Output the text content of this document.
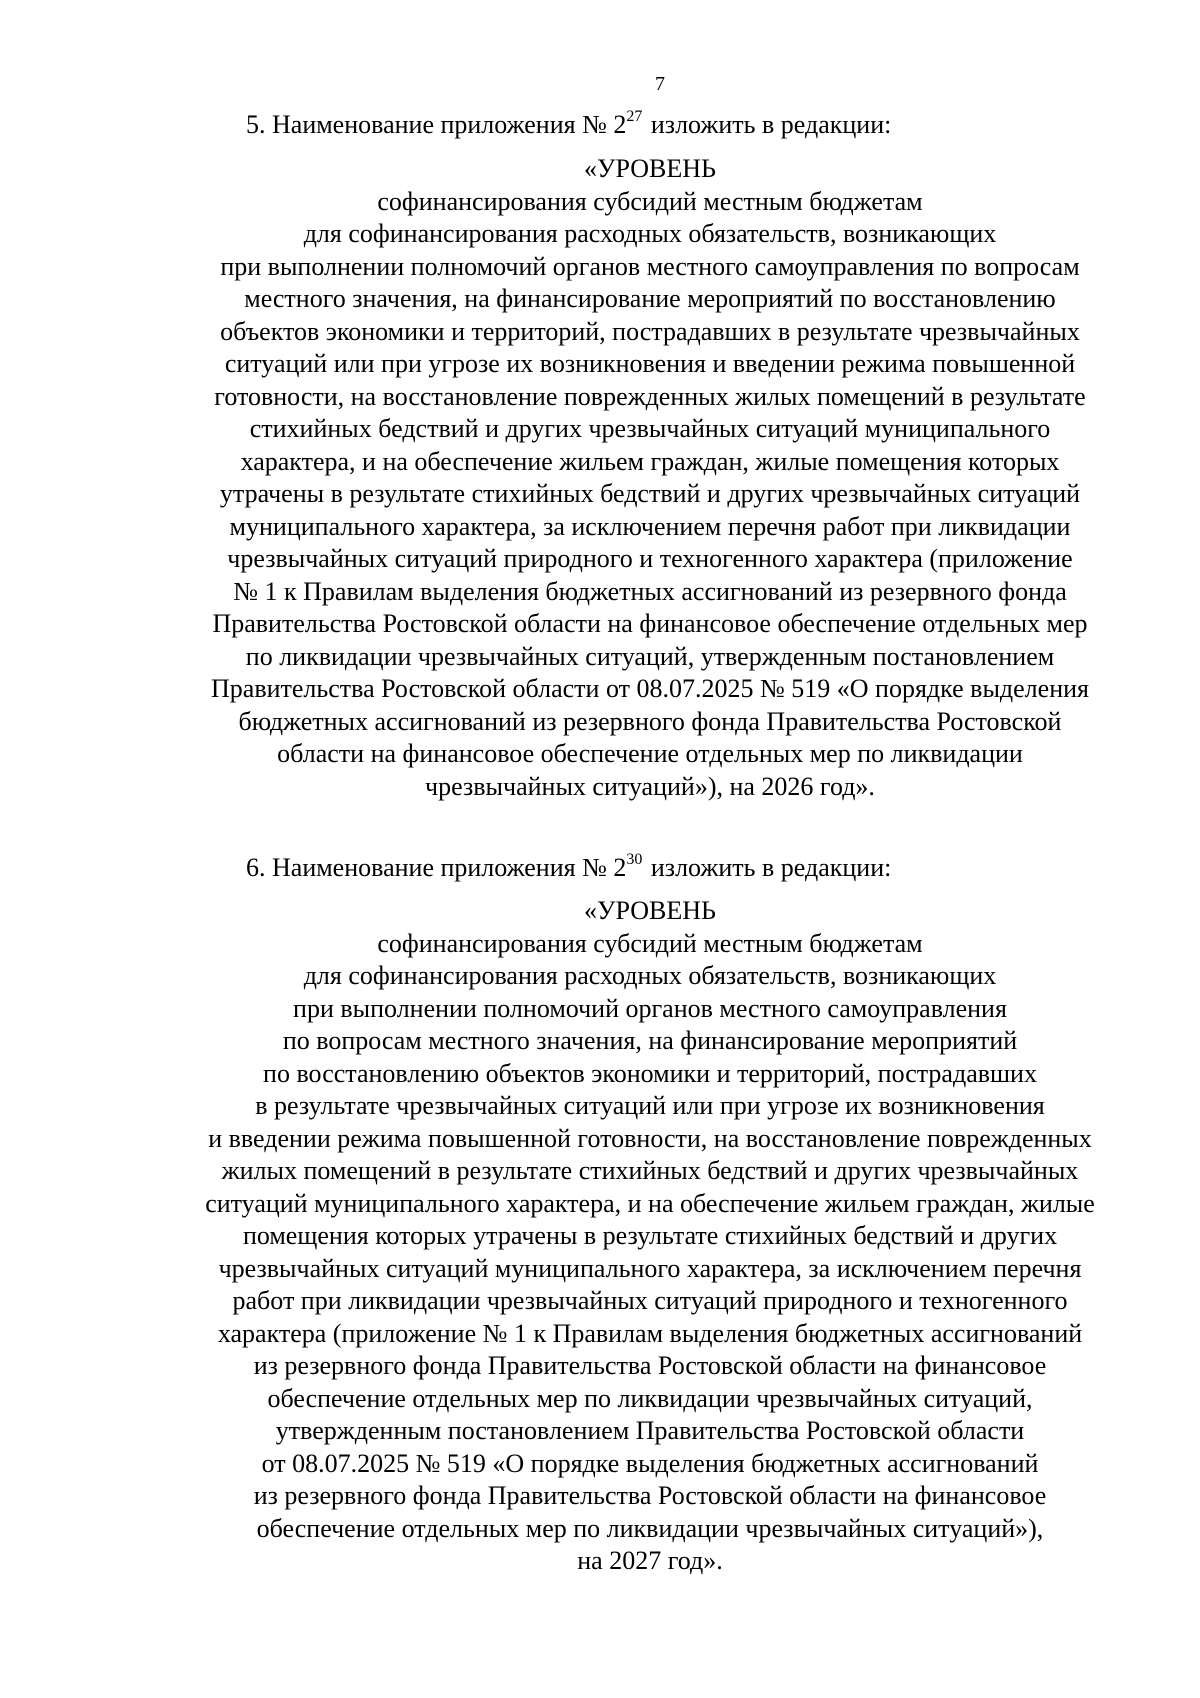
7
5. Наименование приложения № $2^{27}$ изложить в редакции:
«УРОВЕНЬ
софинансирования субсидий местным бюджетам
для софинансирования расходных обязательств, возникающих
при выполнении полномочий органов местного самоуправления по вопросам
местного значения, на финансирование мероприятий по восстановлению
объектов экономики и территорий, пострадавших в результате чрезвычайных
ситуаций или при угрозе их возникновения и введении режима повышенной
готовности, на восстановление поврежденных жилых помещений в результате
стихийных бедствий и других чрезвычайных ситуаций муниципального
характера, и на обеспечение жильем граждан, жилые помещения которых
утрачены в результате стихийных бедствий и других чрезвычайных ситуаций
муниципального характера, за исключением перечня работ при ликвидации
чрезвычайных ситуаций природного и техногенного характера (приложение
№ 1 к Правилам выделения бюджетных ассигнований из резервного фонда
Правительства Ростовской области на финансовое обеспечение отдельных мер
по ликвидации чрезвычайных ситуаций, утвержденным постановлением
Правительства Ростовской области от 08.07.2025 № 519 «О порядке выделения
бюджетных ассигнований из резервного фонда Правительства Ростовской
области на финансовое обеспечение отдельных мер по ликвидации
чрезвычайных ситуаций»), на 2026 год».
6. Наименование приложения № $2^{30}$ изложить в редакции:
«УРОВЕНЬ
софинансирования субсидий местным бюджетам
для софинансирования расходных обязательств, возникающих
при выполнении полномочий органов местного самоуправления
по вопросам местного значения, на финансирование мероприятий
по восстановлению объектов экономики и территорий, пострадавших
в результате чрезвычайных ситуаций или при угрозе их возникновения
и введении режима повышенной готовности, на восстановление поврежденных
жилых помещений в результате стихийных бедствий и других чрезвычайных
ситуаций муниципального характера, и на обеспечение жильем граждан, жилые
помещения которых утрачены в результате стихийных бедствий и других
чрезвычайных ситуаций муниципального характера, за исключением перечня
работ при ликвидации чрезвычайных ситуаций природного и техногенного
характера (приложение № 1 к Правилам выделения бюджетных ассигнований
из резервного фонда Правительства Ростовской области на финансовое
обеспечение отдельных мер по ликвидации чрезвычайных ситуаций,
утвержденным постановлением Правительства Ростовской области
от 08.07.2025 № 519 «О порядке выделения бюджетных ассигнований
из резервного фонда Правительства Ростовской области на финансовое
обеспечение отдельных мер по ликвидации чрезвычайных ситуаций»),
на 2027 год».
